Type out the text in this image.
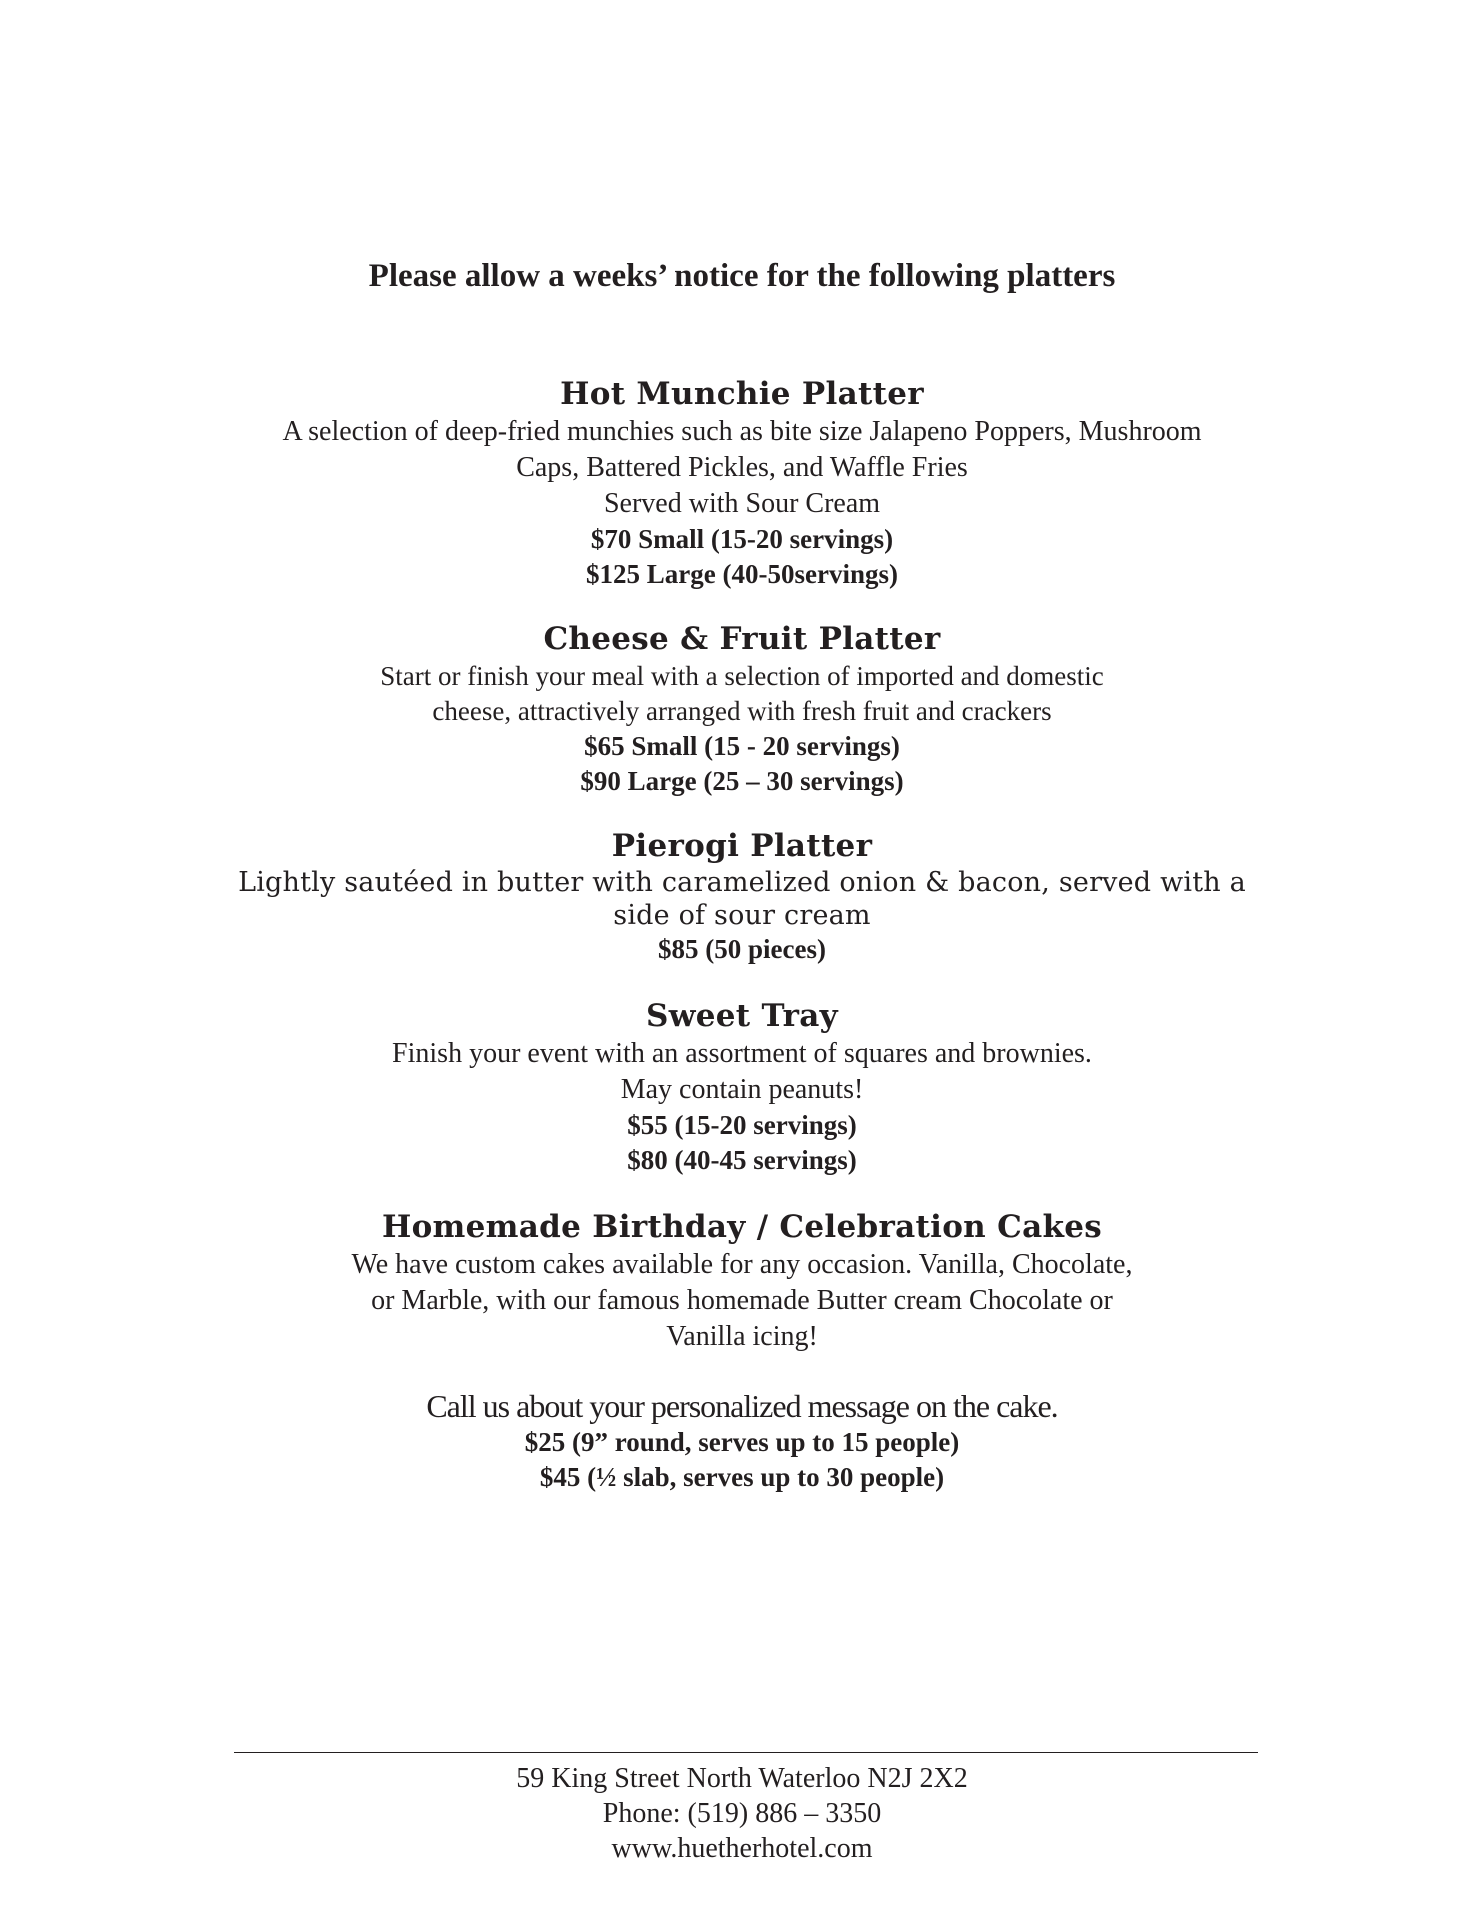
Please allow a weeks’ notice for the following platters

Hot Munchie Platter

A selection of deep-fried munchies such as bite size Jalapeno Poppers, Mushroom

Caps, Battered Pickles, and Waffle Fries

Served with Sour Cream

$70 Small (15-20 servings)

$125 Large (40-50servings)

Cheese & Fruit Platter

Start or finish your meal with a selection of imported and domestic

cheese, attractively arranged with fresh fruit and crackers

$65 Small (15 - 20 servings)

$90 Large (25 – 30 servings)

Pierogi Platter

Lightly sautéed in butter with caramelized onion & bacon, served with a

side of sour cream

$85 (50 pieces)

Sweet Tray

Finish your event with an assortment of squares and brownies.

May contain peanuts!

$55 (15-20 servings)

$80 (40-45 servings)

Homemade Birthday / Celebration Cakes

We have custom cakes available for any occasion. Vanilla, Chocolate,

or Marble, with our famous homemade Butter cream Chocolate or

Vanilla icing!

Call us about your personalized message on the cake.

$25 (9” round, serves up to 15 people)

$45 (½ slab, serves up to 30 people)

59 King Street North Waterloo N2J 2X2

Phone: (519) 886 – 3350

www.huetherhotel.com
